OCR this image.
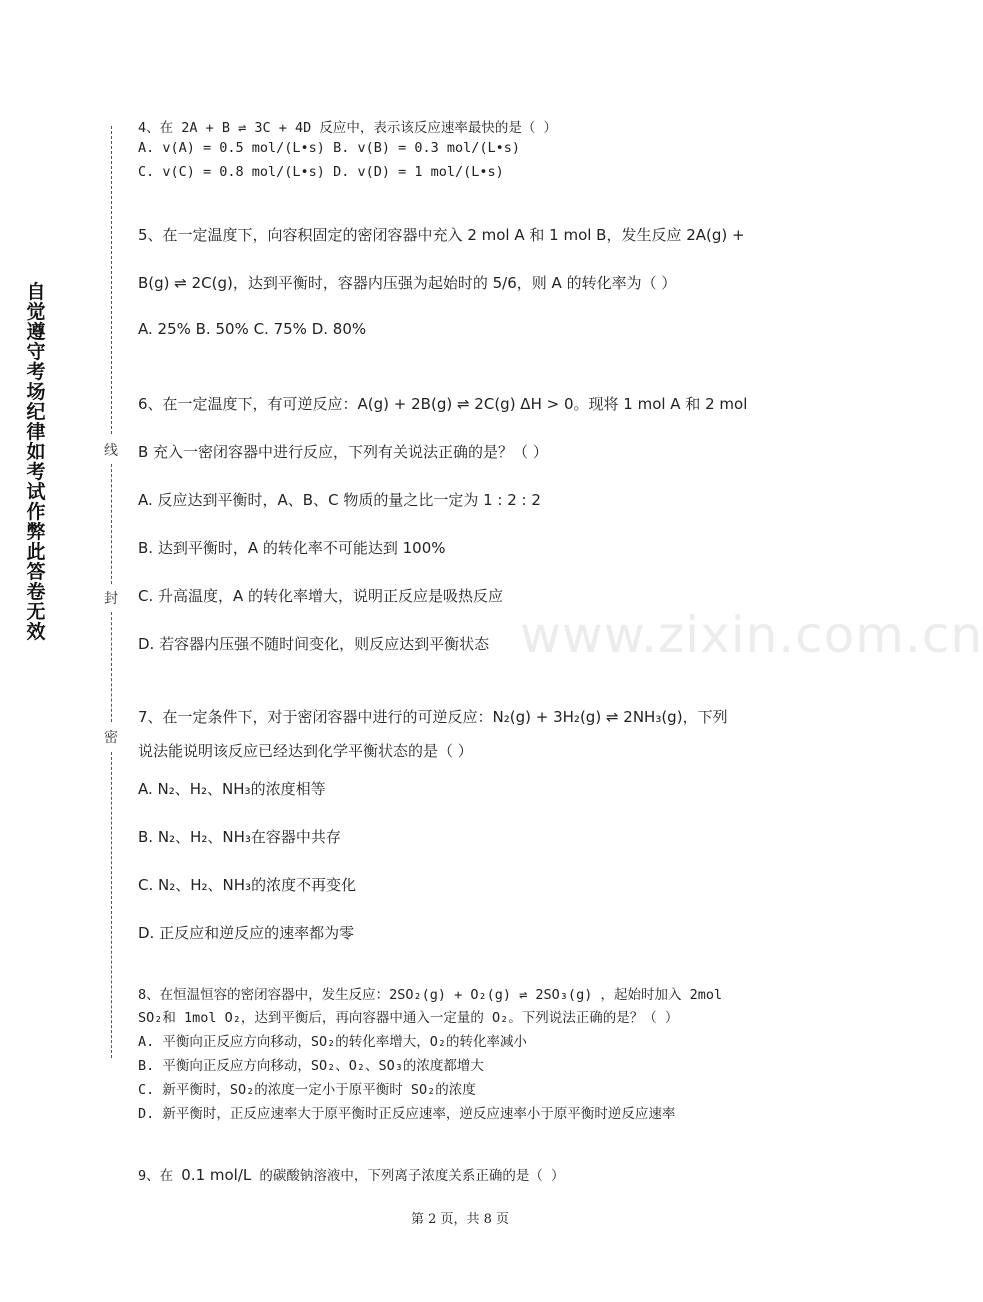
自
觉
遵
守
考
场
纪
律
如
考
试
作
弊
此
答
卷
无
效
线
封
密
www.zixin.com.cn
4、在 2A + B ⇌ 3C + 4D 反应中，表示该反应速率最快的是（ ）
A. v(A) = 0.5 mol/(L•s) B. v(B) = 0.3 mol/(L•s)
C. v(C) = 0.8 mol/(L•s) D. v(D) = 1 mol/(L•s)
5、在一定温度下，向容积固定的密闭容器中充入 2 mol A 和 1 mol B，发生反应 2A(g) +
B(g) ⇌ 2C(g)，达到平衡时，容器内压强为起始时的 5/6，则 A 的转化率为（ ）
A. 25% B. 50% C. 75% D. 80%
6、在一定温度下，有可逆反应：A(g) + 2B(g) ⇌ 2C(g) ΔH > 0。现将 1 mol A 和 2 mol
B 充入一密闭容器中进行反应，下列有关说法正确的是？（ ）
A. 反应达到平衡时，A、B、C 物质的量之比一定为 1 : 2 : 2
B. 达到平衡时，A 的转化率不可能达到 100%
C. 升高温度，A 的转化率增大，说明正反应是吸热反应
D. 若容器内压强不随时间变化，则反应达到平衡状态
7、在一定条件下，对于密闭容器中进行的可逆反应：N₂(g) + 3H₂(g) ⇌ 2NH₃(g)，下列
说法能说明该反应已经达到化学平衡状态的是（ ）
A. N₂、H₂、NH₃的浓度相等
B. N₂、H₂、NH₃在容器中共存
C. N₂、H₂、NH₃的浓度不再变化
D. 正反应和逆反应的速率都为零
8、在恒温恒容的密闭容器中，发生反应：2SO₂(g) + O₂(g) ⇌ 2SO₃(g) ，起始时加入 2mol
SO₂和 1mol O₂，达到平衡后，再向容器中通入一定量的 O₂。下列说法正确的是？（ ）
A. 平衡向正反应方向移动，SO₂的转化率增大，O₂的转化率减小
B. 平衡向正反应方向移动，SO₂、O₂、SO₃的浓度都增大
C. 新平衡时，SO₂的浓度一定小于原平衡时 SO₂的浓度
D. 新平衡时，正反应速率大于原平衡时正反应速率，逆反应速率小于原平衡时逆反应速率
9、在 0.1 mol/L 的碳酸钠溶液中，下列离子浓度关系正确的是（ ）
第 2 页，共 8 页
